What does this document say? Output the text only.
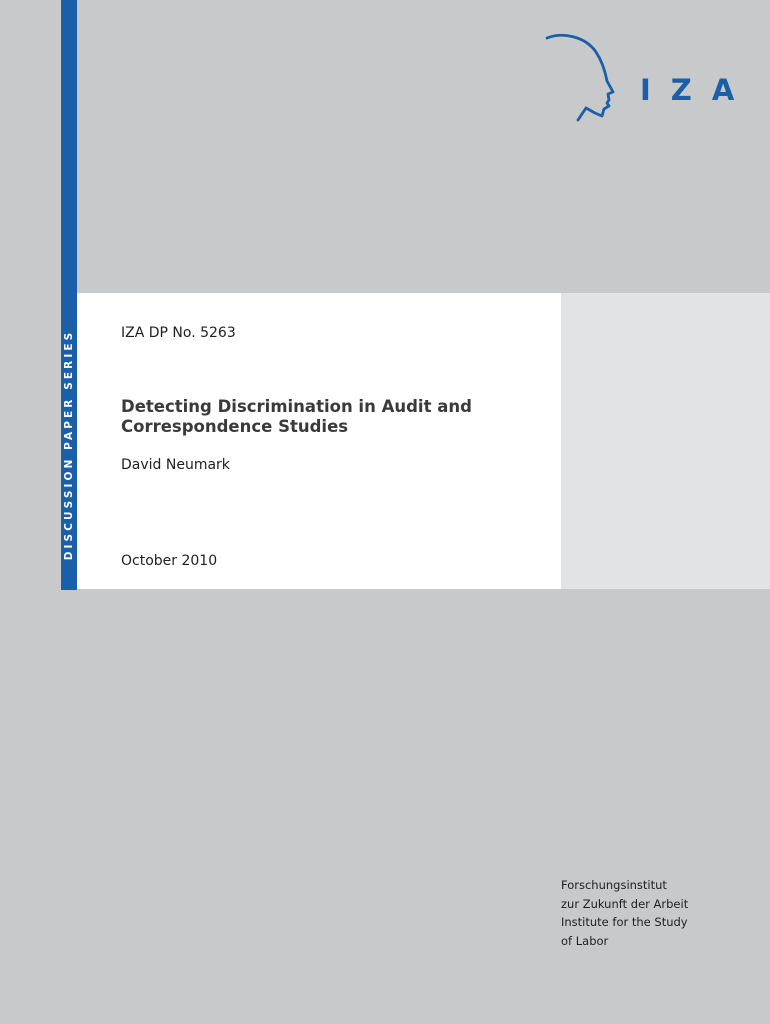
DISCUSSION PAPER SERIES
IZA
IZA DP No. 5263
Detecting Discrimination in Audit and
Correspondence Studies
David Neumark
October 2010
Forschungsinstitut
zur Zukunft der Arbeit
Institute for the Study
of Labor
